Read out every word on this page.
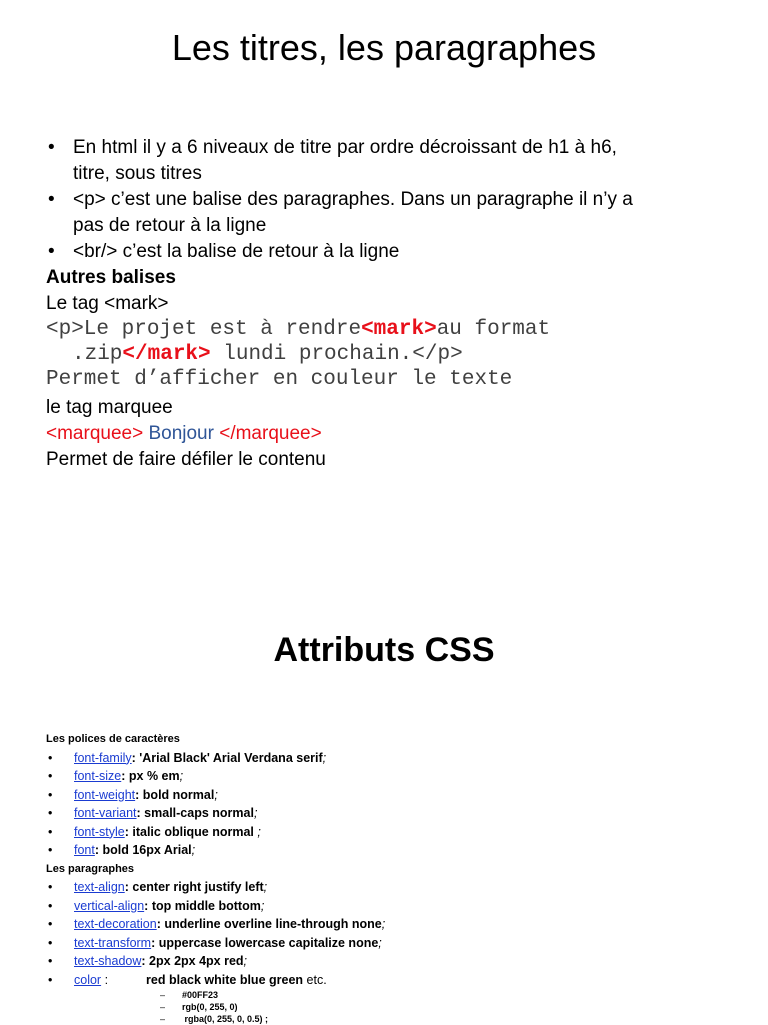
Les titres, les paragraphes
• En html il y a 6 niveaux de titre par ordre décroissant de h1 à h6,
titre, sous titres
• <p> c’est une balise des paragraphes. Dans un paragraphe il n’y a
pas de retour à la ligne
• <br/> c’est la balise de retour à la ligne
Autres balises
Le tag <mark>
<p>Le projet est à rendre<mark>au format
.zip</mark> lundi prochain.</p>
Permet d’afficher en couleur le texte
le tag marquee
<marquee> Bonjour </marquee>
Permet de faire défiler le contenu
Attributs CSS
Les polices de caractères
• font-family: 'Arial Black' Arial Verdana serif;
• font-size: px % em;
• font-weight: bold normal;
• font-variant: small-caps normal;
• font-style: italic oblique normal ;
• font: bold 16px Arial;
Les paragraphes
• text-align: center right justify left;
• vertical-align: top middle bottom;
• text-decoration: underline overline line-through none;
• text-transform: uppercase lowercase capitalize none;
• text-shadow: 2px 2px 4px red;
• color :	red black white blue green etc.
– #00FF23
– rgb(0, 255, 0)
– rgba(0, 255, 0, 0.5) ;
